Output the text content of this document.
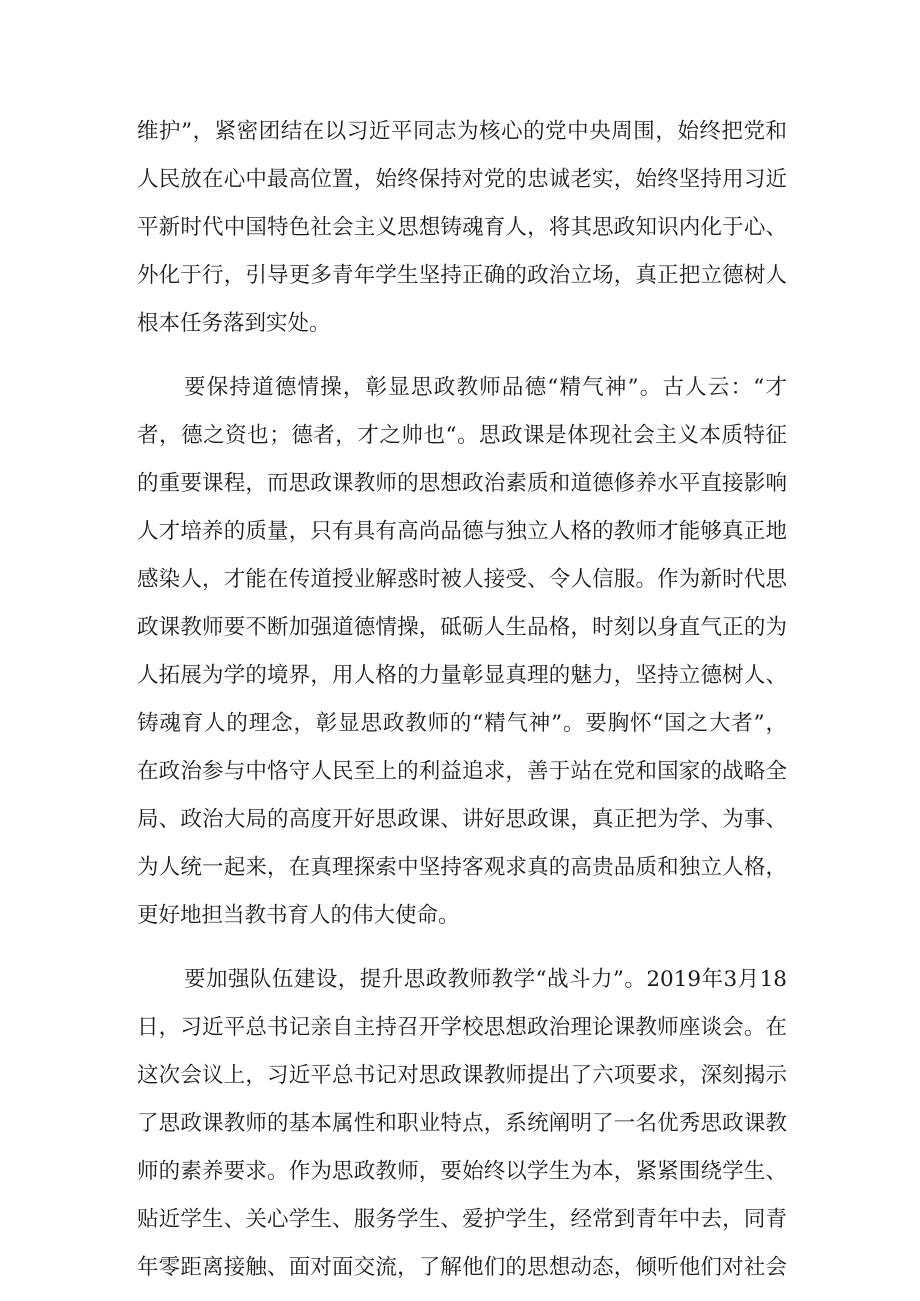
维护”，紧密团结在以习近平同志为核心的党中央周围，始终把党和
人民放在心中最高位置，始终保持对党的忠诚老实，始终坚持用习近
平新时代中国特色社会主义思想铸魂育人，将其思政知识内化于心、
外化于行，引导更多青年学生坚持正确的政治立场，真正把立德树人
根本任务落到实处。
要保持道德情操，彰显思政教师品德“精气神”。古人云：“才
者，德之资也；德者，才之帅也“。思政课是体现社会主义本质特征
的重要课程，而思政课教师的思想政治素质和道德修养水平直接影响
人才培养的质量，只有具有高尚品德与独立人格的教师才能够真正地
感染人，才能在传道授业解惑时被人接受、令人信服。作为新时代思
政课教师要不断加强道德情操，砥砺人生品格，时刻以身直气正的为
人拓展为学的境界，用人格的力量彰显真理的魅力，坚持立德树人、
铸魂育人的理念，彰显思政教师的“精气神”。要胸怀“国之大者”，
在政治参与中恪守人民至上的利益追求，善于站在党和国家的战略全
局、政治大局的高度开好思政课、讲好思政课，真正把为学、为事、
为人统一起来，在真理探索中坚持客观求真的高贵品质和独立人格，
更好地担当教书育人的伟大使命。
要加强队伍建设，提升思政教师教学“战斗力”。2019年3月18
日，习近平总书记亲自主持召开学校思想政治理论课教师座谈会。在
这次会议上，习近平总书记对思政课教师提出了六项要求，深刻揭示
了思政课教师的基本属性和职业特点，系统阐明了一名优秀思政课教
师的素养要求。作为思政教师，要始终以学生为本，紧紧围绕学生、
贴近学生、关心学生、服务学生、爱护学生，经常到青年中去，同青
年零距离接触、面对面交流，了解他们的思想动态，倾听他们对社会
